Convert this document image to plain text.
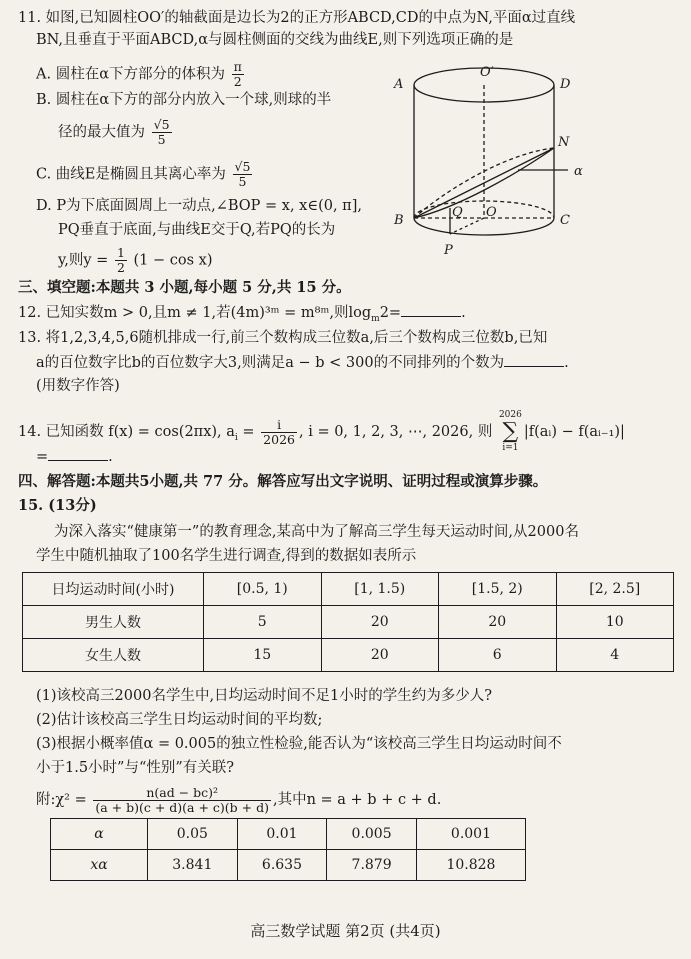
11. 如图,已知圆柱OO′的轴截面是边长为2的正方形ABCD,CD的中点为N,平面α过直线
BN,且垂直于平面ABCD,α与圆柱侧面的交线为曲线E,则下列选项正确的是
A. 圆柱在α下方部分的体积为 $\frac{\pi}{2}$
B. 圆柱在α下方的部分内放入一个球,则球的半
径的最大值为 $\frac{√5}{5}$
C. 曲线E是椭圆且其离心率为 $\frac{√5}{5}$
D. P为下底面圆周上一动点,∠BOP = x, x∈(0, π],
PQ垂直于底面,与曲线E交于Q,若PQ的长为
y,则$y = \frac{1}{2} (1 - \cos x)$
A
O′
D
N
α
B
Q O
C
P
三、填空题:本题共 3 小题,每小题 5 分,共 15 分。
12. 已知实数m > 0,且m ≠ 1,若(4m)³ᵐ = m⁸ᵐ,则$\log_m2=$	.
13. 将1,2,3,4,5,6随机排成一行,前三个数构成三位数a,后三个数构成三位数b,已知
a的百位数字比b的百位数字大3,则满足a − b < 300的不同排列的个数为	.
(用数字作答)
14. 已知函数 f(x) = cos(2πx), $a_i = \frac{i}{2026}$ , i = 0, 1, 2, 3, ⋯, 2026, 则
2026
∑
i=1
|f(aᵢ) − f(aᵢ₋₁)|
=	.
四、解答题:本题共5小题,共 77 分。解答应写出文字说明、证明过程或演算步骤。
15. (13分)
为深入落实“健康第一”的教育理念,某高中为了解高三学生每天运动时间,从2000名
学生中随机抽取了100名学生进行调查,得到的数据如表所示
日均运动时间(小时)	[0.5, 1)	[1, 1.5)	[1.5, 2)	[2, 2.5]
男生人数	5	20	20	10
女生人数	15	20	6	4
(1)该校高三2000名学生中,日均运动时间不足1小时的学生约为多少人?
(2)估计该校高三学生日均运动时间的平均数;
(3)根据小概率值α = 0.005的独立性检验,能否认为“该校高三学生日均运动时间不
小于1.5小时”与“性别”有关联?
附:χ² = $\frac{\text{n(ad − bc)²}}{(a + b)(c + d)(a + c)(b + d)}$ ,其中n = a + b + c + d.
α	0.05	0.01	0.005	0.001
xα	3.841	6.635	7.879	10.828
高三数学试题 第2页 (共4页)
